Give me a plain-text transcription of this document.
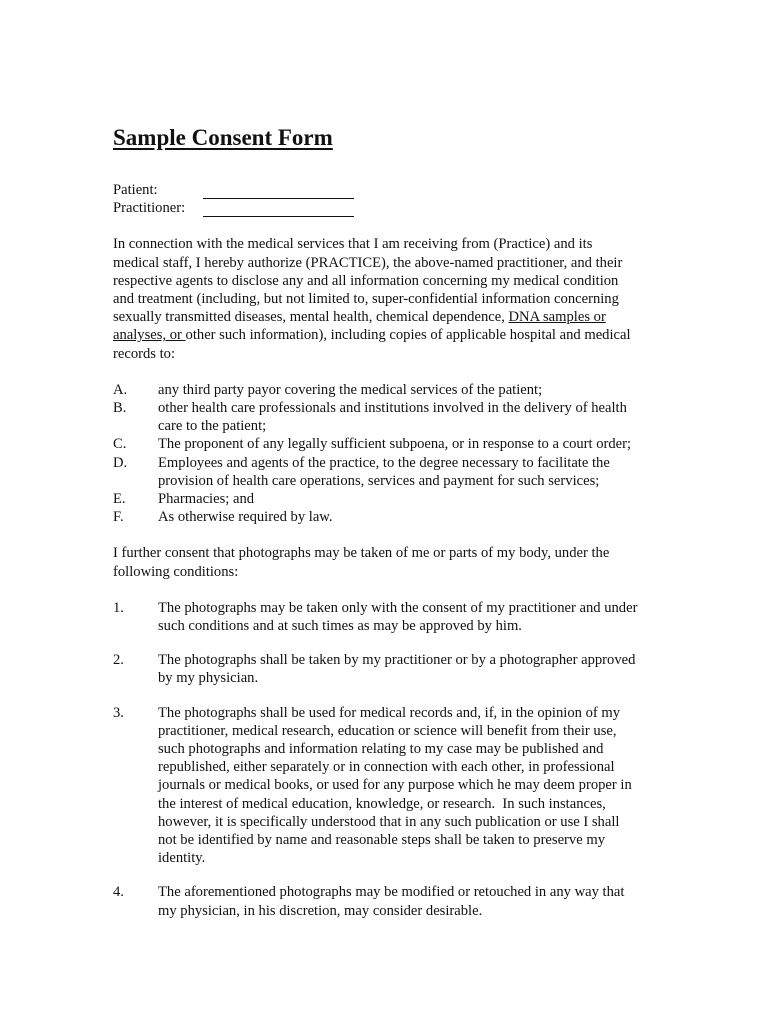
Sample Consent Form
Patient:
Practitioner:
In connection with the medical services that I am receiving from (Practice) and its
medical staff, I hereby authorize (PRACTICE), the above-named practitioner, and their
respective agents to disclose any and all information concerning my medical condition
and treatment (including, but not limited to, super-confidential information concerning
sexually transmitted diseases, mental health, chemical dependence, DNA samples or
analyses, or other such information), including copies of applicable hospital and medical
records to:
A.	any third party payor covering the medical services of the patient;
B.	other health care professionals and institutions involved in the delivery of health
care to the patient;
C.	The proponent of any legally sufficient subpoena, or in response to a court order;
D.	Employees and agents of the practice, to the degree necessary to facilitate the
provision of health care operations, services and payment for such services;
E.	Pharmacies; and
F.	As otherwise required by law.
I further consent that photographs may be taken of me or parts of my body, under the
following conditions:
1.	The photographs may be taken only with the consent of my practitioner and under
such conditions and at such times as may be approved by him.
2.	The photographs shall be taken by my practitioner or by a photographer approved
by my physician.
3.	The photographs shall be used for medical records and, if, in the opinion of my
practitioner, medical research, education or science will benefit from their use,
such photographs and information relating to my case may be published and
republished, either separately or in connection with each other, in professional
journals or medical books, or used for any purpose which he may deem proper in
the interest of medical education, knowledge, or research.  In such instances,
however, it is specifically understood that in any such publication or use I shall
not be identified by name and reasonable steps shall be taken to preserve my
identity.
4.	The aforementioned photographs may be modified or retouched in any way that
my physician, in his discretion, may consider desirable.
